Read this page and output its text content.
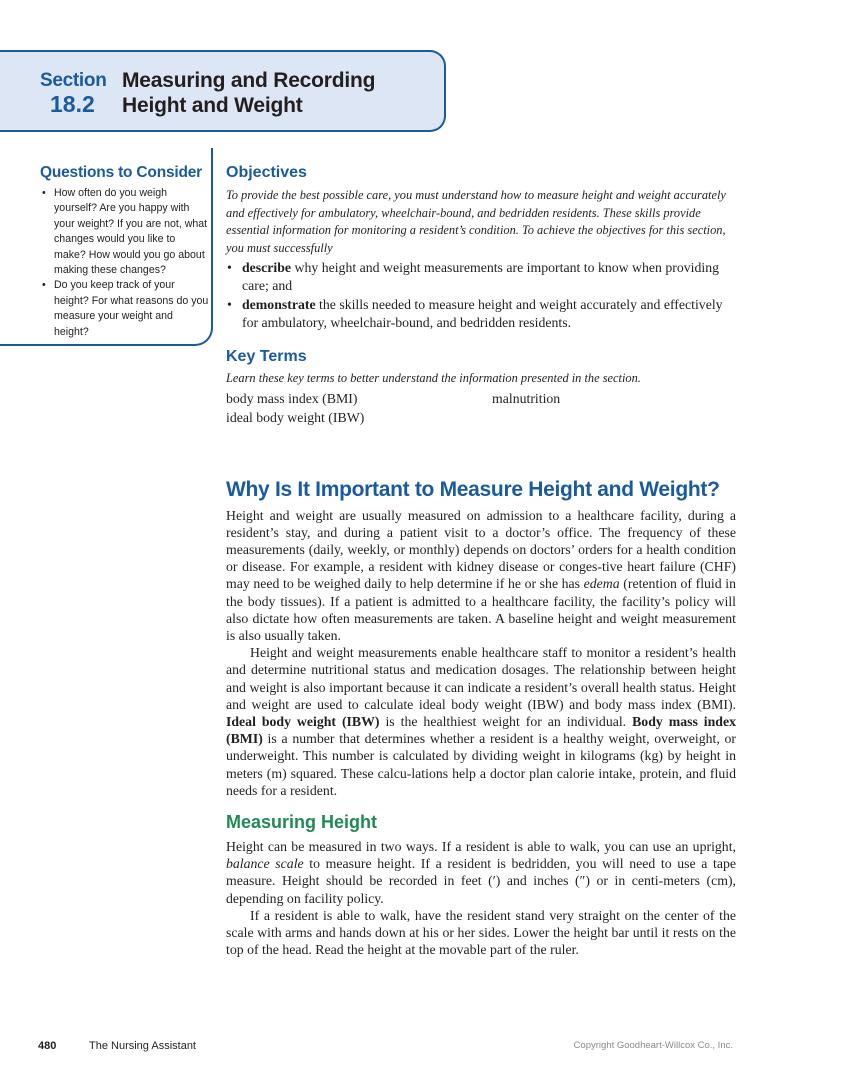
Section
18.2
Measuring and Recording
Height and Weight
Questions to Consider
• How often do you weigh yourself? Are you happy with your weight? If you are not, what changes would you like to make? How would you go about making these changes?
• Do you keep track of your height? For what reasons do you measure your weight and height?
Objectives

To provide the best possible care, you must understand how to measure height and weight accurately and effectively for ambulatory, wheelchair-bound, and bedridden residents. These skills provide essential information for monitoring a resident’s condition. To achieve the objectives for this section, you must successfully

• describe why height and weight measurements are important to know when providing care; and
• demonstrate the skills needed to measure height and weight accurately and effectively for ambulatory, wheelchair-bound, and bedridden residents.
Key Terms

Learn these key terms to better understand the information presented in the section.

body mass index (BMI)	malnutrition
ideal body weight (IBW)
Why Is It Important to Measure Height and Weight?

Height and weight are usually measured on admission to a healthcare facility, during a resident’s stay, and during a patient visit to a doctor’s office. The frequency of these measurements (daily, weekly, or monthly) depends on doctors’ orders for a health condition or disease. For example, a resident with kidney disease or conges-tive heart failure (CHF) may need to be weighed daily to help determine if he or she has edema (retention of fluid in the body tissues). If a patient is admitted to a healthcare facility, the facility’s policy will also dictate how often measurements are taken. A baseline height and weight measurement is also usually taken.

Height and weight measurements enable healthcare staff to monitor a resident’s health and determine nutritional status and medication dosages. The relationship between height and weight is also important because it can indicate a resident’s overall health status. Height and weight are used to calculate ideal body weight (IBW) and body mass index (BMI). Ideal body weight (IBW) is the healthiest weight for an individual. Body mass index (BMI) is a number that determines whether a resident is a healthy weight, overweight, or underweight. This number is calculated by dividing weight in kilograms (kg) by height in meters (m) squared. These calcu-lations help a doctor plan calorie intake, protein, and fluid needs for a resident.

Measuring Height

Height can be measured in two ways. If a resident is able to walk, you can use an upright, balance scale to measure height. If a resident is bedridden, you will need to use a tape measure. Height should be recorded in feet (′) and inches (″) or in centi-meters (cm), depending on facility policy.

If a resident is able to walk, have the resident stand very straight on the center of the scale with arms and hands down at his or her sides. Lower the height bar until it rests on the top of the head. Read the height at the movable part of the ruler.

480	The Nursing Assistant	Copyright Goodheart-Willcox Co., Inc.
